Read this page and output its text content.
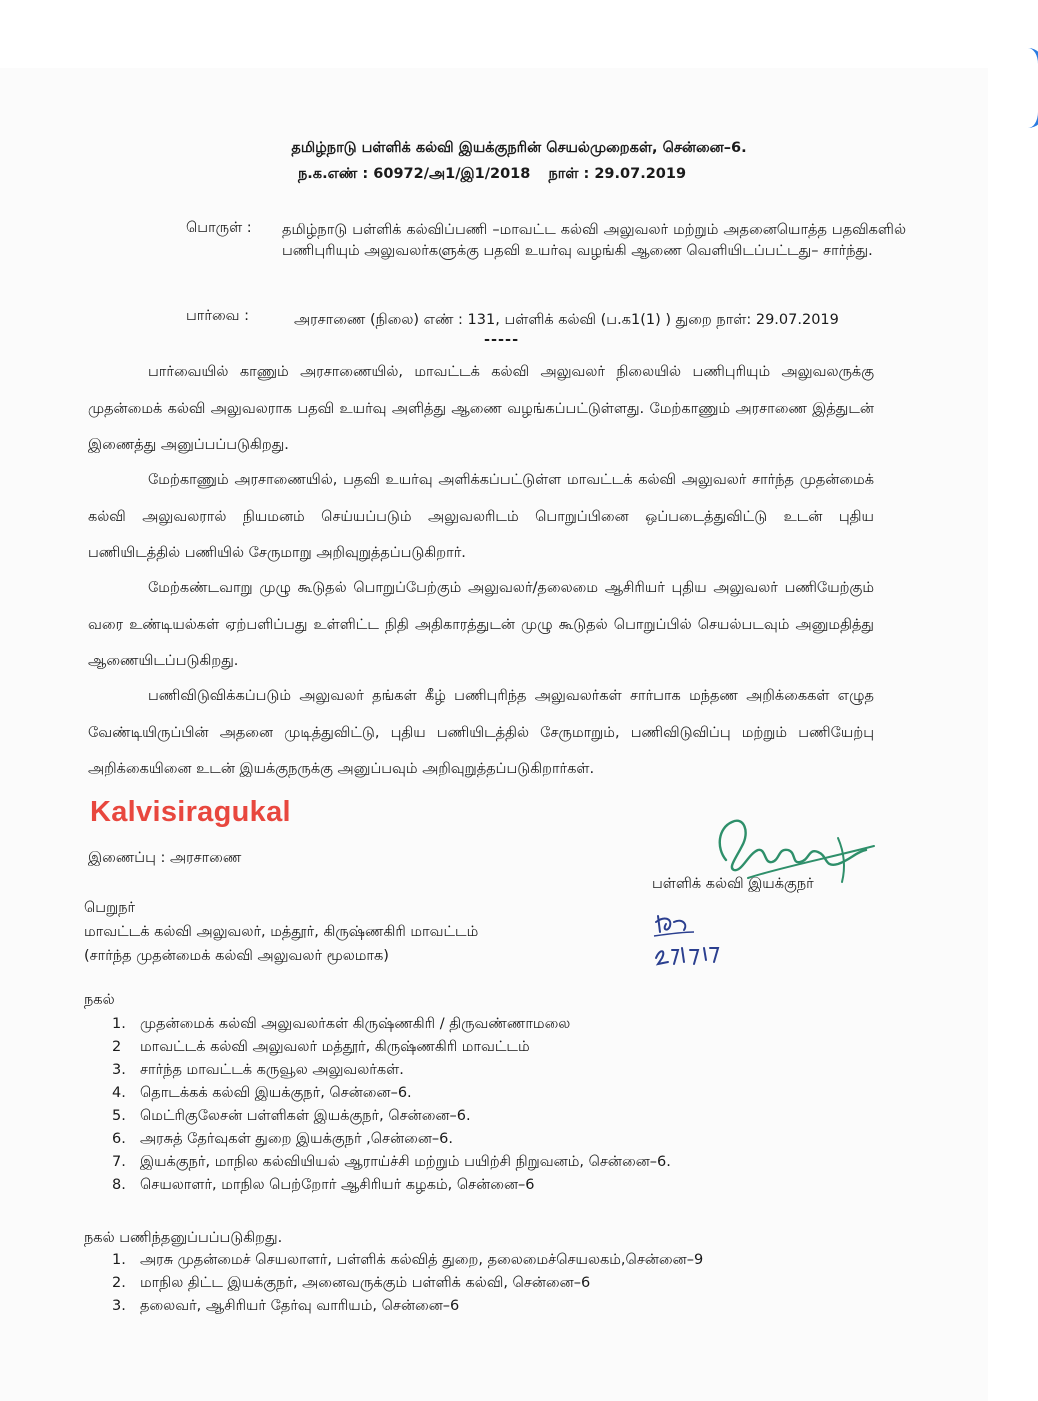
தமிழ்நாடு பள்ளிக் கல்வி இயக்குநரின் செயல்முறைகள், சென்னை–6.
ந.க.எண் : 60972/அ1/இ1/2018 நாள் : 29.07.2019
பொருள் : தமிழ்நாடு பள்ளிக் கல்விப்பணி –மாவட்ட கல்வி அலுவலர் மற்றும் அதனையொத்த பதவிகளில் பணிபுரியும் அலுவலர்களுக்கு பதவி உயர்வு வழங்கி ஆணை வெளியிடப்பட்டது– சார்ந்து.
பார்வை :	அரசாணை (நிலை) எண் : 131, பள்ளிக் கல்வி (ப.க1(1) ) துறை நாள்: 29.07.2019
-----
பார்வையில் காணும் அரசாணையில், மாவட்டக் கல்வி அலுவலர் நிலையில் பணிபுரியும் அலுவலருக்கு முதன்மைக் கல்வி அலுவலராக பதவி உயர்வு அளித்து ஆணை வழங்கப்பட்டுள்ளது. மேற்காணும் அரசாணை இத்துடன் இணைத்து அனுப்பப்படுகிறது.
மேற்காணும் அரசாணையில், பதவி உயர்வு அளிக்கப்பட்டுள்ள மாவட்டக் கல்வி அலுவலர் சார்ந்த முதன்மைக் கல்வி அலுவலரால் நியமனம் செய்யப்படும் அலுவலரிடம் பொறுப்பினை ஒப்படைத்துவிட்டு உடன் புதிய பணியிடத்தில் பணியில் சேருமாறு அறிவுறுத்தப்படுகிறார்.
மேற்கண்டவாறு முழு கூடுதல் பொறுப்பேற்கும் அலுவலர்/தலைமை ஆசிரியர் புதிய அலுவலர் பணியேற்கும் வரை உண்டியல்கள் ஏற்பளிப்பது உள்ளிட்ட நிதி அதிகாரத்துடன் முழு கூடுதல் பொறுப்பில் செயல்படவும் அனுமதித்து ஆணையிடப்படுகிறது.
பணிவிடுவிக்கப்படும் அலுவலர் தங்கள் கீழ் பணிபுரிந்த அலுவலர்கள் சார்பாக மந்தண அறிக்கைகள் எழுத வேண்டியிருப்பின் அதனை முடித்துவிட்டு, புதிய பணியிடத்தில் சேருமாறும், பணிவிடுவிப்பு மற்றும் பணியேற்பு அறிக்கையினை உடன் இயக்குநருக்கு அனுப்பவும் அறிவுறுத்தப்படுகிறார்கள்.
Kalvisiragukal
இணைப்பு : அரசாணை
பள்ளிக் கல்வி இயக்குநர்
பெறுநர்
மாவட்டக் கல்வி அலுவலர், மத்தூர், கிருஷ்ணகிரி மாவட்டம்
(சார்ந்த முதன்மைக் கல்வி அலுவலர் மூலமாக)
நகல்
1. முதன்மைக் கல்வி அலுவலர்கள் கிருஷ்ணகிரி / திருவண்ணாமலை
2	மாவட்டக் கல்வி அலுவலர் மத்தூர், கிருஷ்ணகிரி மாவட்டம்
3. சார்ந்த மாவட்டக் கருவூல அலுவலர்கள்.
4. தொடக்கக் கல்வி இயக்குநர், சென்னை–6.
5. மெட்ரிகுலேசன் பள்ளிகள் இயக்குநர், சென்னை–6.
6. அரசுத் தேர்வுகள் துறை இயக்குநர் ,சென்னை–6.
7. இயக்குநர், மாநில கல்வியியல் ஆராய்ச்சி மற்றும் பயிற்சி நிறுவனம், சென்னை–6.
8. செயலாளர், மாநில பெற்றோர் ஆசிரியர் கழகம், சென்னை–6
நகல் பணிந்தனுப்பப்படுகிறது.
1. அரசு முதன்மைச் செயலாளர், பள்ளிக் கல்வித் துறை, தலைமைச்செயலகம்,சென்னை–9
2. மாநில திட்ட இயக்குநர், அனைவருக்கும் பள்ளிக் கல்வி, சென்னை–6
3. தலைவர், ஆசிரியர் தேர்வு வாரியம், சென்னை–6
